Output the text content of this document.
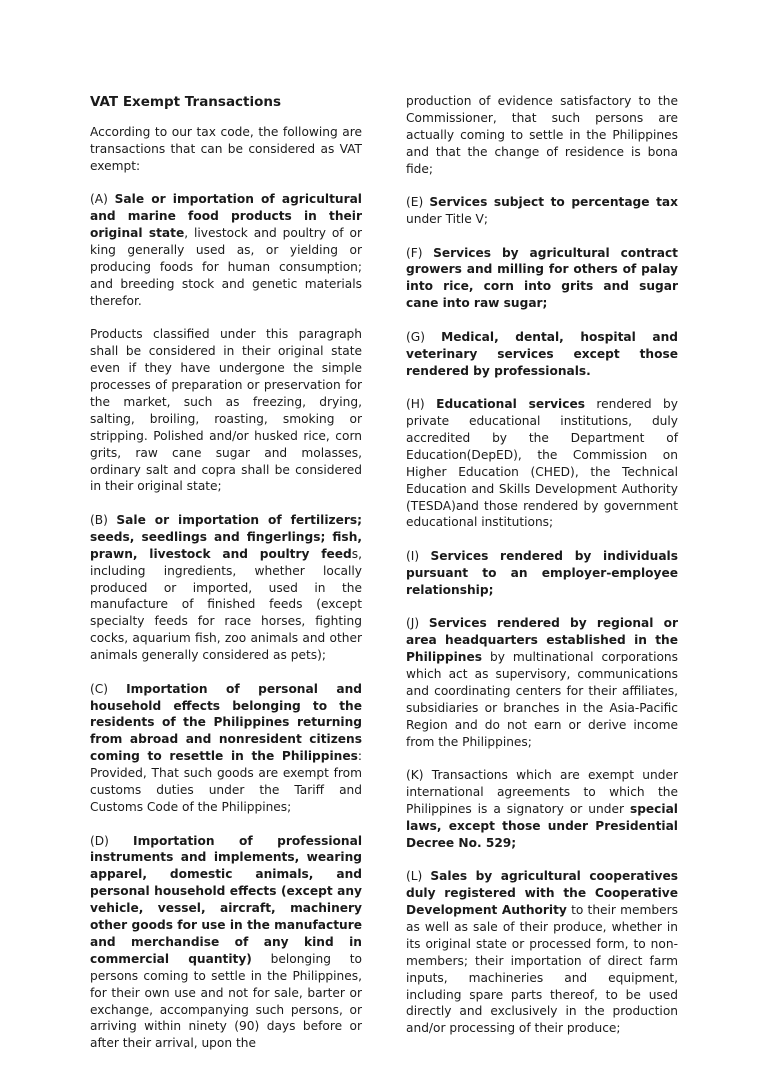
VAT Exempt Transactions

According to our tax code, the following are transactions that can be considered as VAT exempt:

(A) Sale or importation of agricultural and marine food products in their original state, livestock and poultry of or king generally used as, or yielding or producing foods for human consumption; and breeding stock and genetic materials therefor.

Products classified under this paragraph shall be considered in their original state even if they have undergone the simple processes of preparation or preservation for the market, such as freezing, drying, salting, broiling, roasting, smoking or stripping. Polished and/or husked rice, corn grits, raw cane sugar and molasses, ordinary salt and copra shall be considered in their original state;

(B) Sale or importation of fertilizers; seeds, seedlings and fingerlings; fish, prawn, livestock and poultry feeds, including ingredients, whether locally produced or imported, used in the manufacture of finished feeds (except specialty feeds for race horses, fighting cocks, aquarium fish, zoo animals and other animals generally considered as pets);

(C) Importation of personal and household effects belonging to the residents of the Philippines returning from abroad and nonresident citizens coming to resettle in the Philippines: Provided, That such goods are exempt from customs duties under the Tariff and Customs Code of the Philippines;

(D) Importation of professional instruments and implements, wearing apparel, domestic animals, and personal household effects (except any vehicle, vessel, aircraft, machinery other goods for use in the manufacture and merchandise of any kind in commercial quantity) belonging to persons coming to settle in the Philippines, for their own use and not for sale, barter or exchange, accompanying such persons, or arriving within ninety (90) days before or after their arrival, upon the

production of evidence satisfactory to the Commissioner, that such persons are actually coming to settle in the Philippines and that the change of residence is bona fide;

(E) Services subject to percentage tax under Title V;

(F) Services by agricultural contract growers and milling for others of palay into rice, corn into grits and sugar cane into raw sugar;

(G) Medical, dental, hospital and veterinary services except those rendered by professionals.

(H) Educational services rendered by private educational institutions, duly accredited by the Department of Education(DepED), the Commission on Higher Education (CHED), the Technical Education and Skills Development Authority (TESDA)and those rendered by government educational institutions;

(I) Services rendered by individuals pursuant to an employer-employee relationship;

(J) Services rendered by regional or area headquarters established in the Philippines by multinational corporations which act as supervisory, communications and coordinating centers for their affiliates, subsidiaries or branches in the Asia-Pacific Region and do not earn or derive income from the Philippines;

(K) Transactions which are exempt under international agreements to which the Philippines is a signatory or under special laws, except those under Presidential Decree No. 529;

(L) Sales by agricultural cooperatives duly registered with the Cooperative Development Authority to their members as well as sale of their produce, whether in its original state or processed form, to non-members; their importation of direct farm inputs, machineries and equipment, including spare parts thereof, to be used directly and exclusively in the production and/or processing of their produce;
